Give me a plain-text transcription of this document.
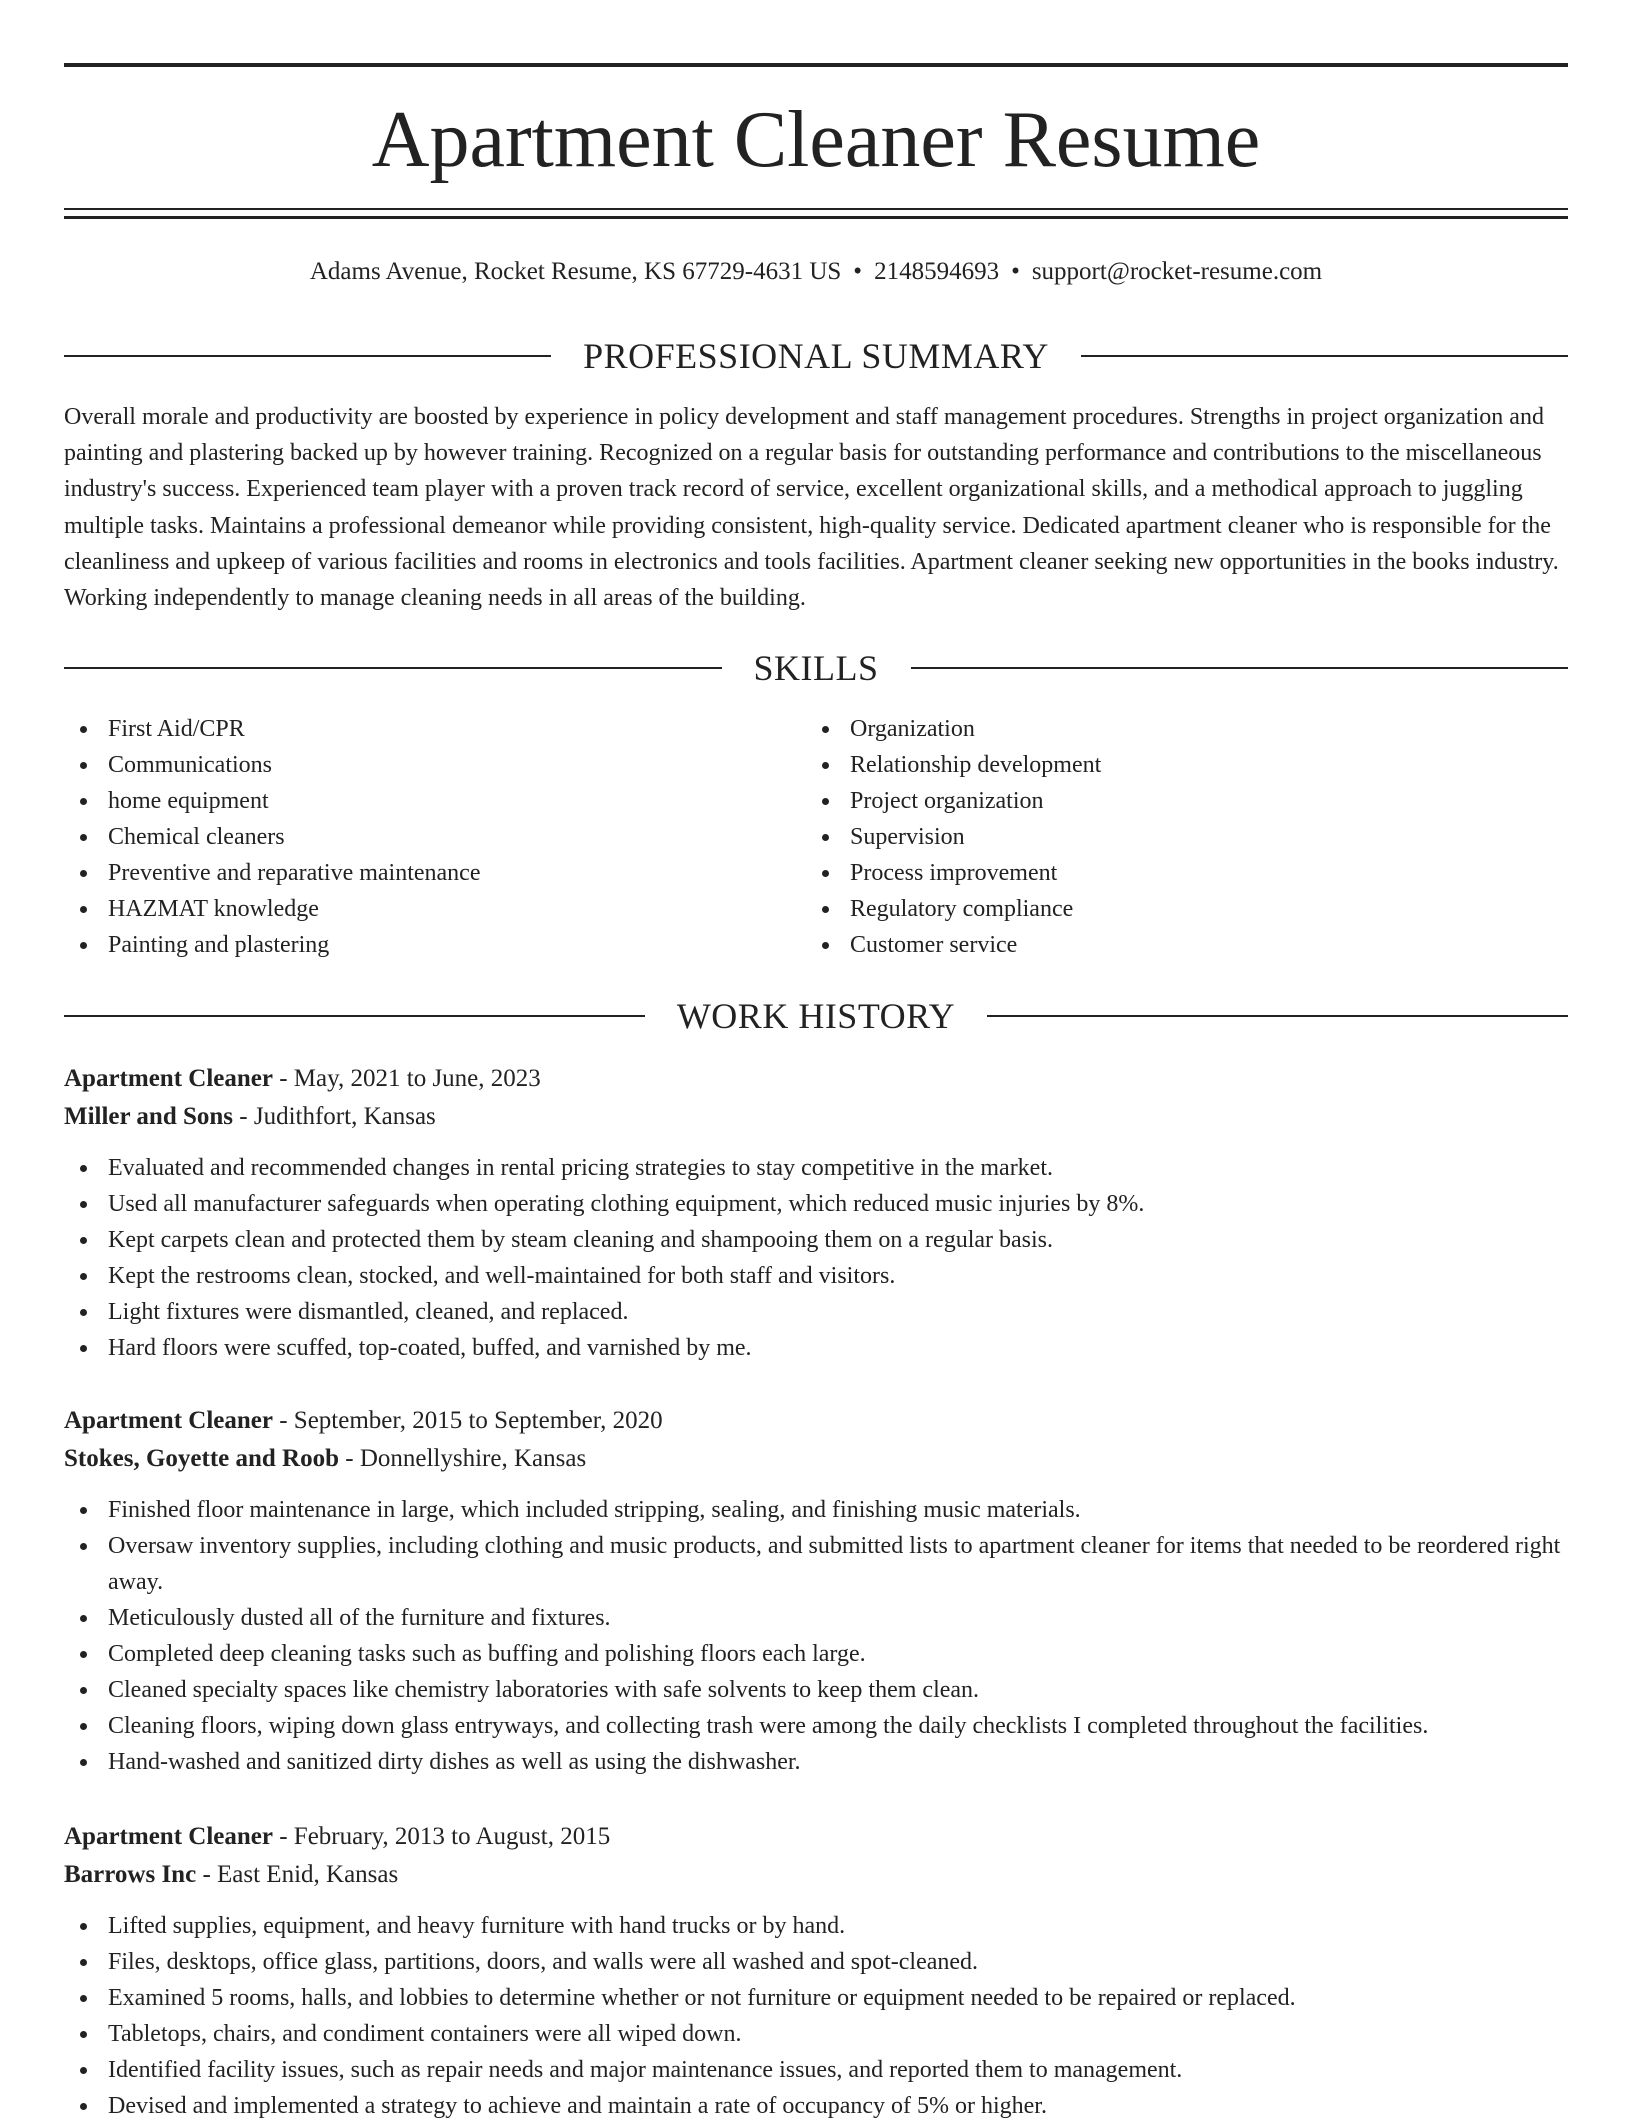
Apartment Cleaner Resume
Adams Avenue, Rocket Resume, KS 67729-4631 US • 2148594693 • support@rocket-resume.com
PROFESSIONAL SUMMARY

Overall morale and productivity are boosted by experience in policy development and staff management procedures. Strengths in project organization and painting and plastering backed up by however training. Recognized on a regular basis for outstanding performance and contributions to the miscellaneous industry's success. Experienced team player with a proven track record of service, excellent organizational skills, and a methodical approach to juggling multiple tasks. Maintains a professional demeanor while providing consistent, high-quality service. Dedicated apartment cleaner who is responsible for the cleanliness and upkeep of various facilities and rooms in electronics and tools facilities. Apartment cleaner seeking new opportunities in the books industry. Working independently to manage cleaning needs in all areas of the building.

SKILLS
First Aid/CPR
Communications
home equipment
Chemical cleaners
Preventive and reparative maintenance
HAZMAT knowledge
Painting and plastering
Organization
Relationship development
Project organization
Supervision
Process improvement
Regulatory compliance
Customer service
WORK HISTORY

Apartment Cleaner - May, 2021 to June, 2023

Miller and Sons - Judithfort, Kansas

Evaluated and recommended changes in rental pricing strategies to stay competitive in the market.
Used all manufacturer safeguards when operating clothing equipment, which reduced music injuries by 8%.
Kept carpets clean and protected them by steam cleaning and shampooing them on a regular basis.
Kept the restrooms clean, stocked, and well-maintained for both staff and visitors.
Light fixtures were dismantled, cleaned, and replaced.
Hard floors were scuffed, top-coated, buffed, and varnished by me.

Apartment Cleaner - September, 2015 to September, 2020

Stokes, Goyette and Roob - Donnellyshire, Kansas

Finished floor maintenance in large, which included stripping, sealing, and finishing music materials.
Oversaw inventory supplies, including clothing and music products, and submitted lists to apartment cleaner for items that needed to be reordered right away.
Meticulously dusted all of the furniture and fixtures.
Completed deep cleaning tasks such as buffing and polishing floors each large.
Cleaned specialty spaces like chemistry laboratories with safe solvents to keep them clean.
Cleaning floors, wiping down glass entryways, and collecting trash were among the daily checklists I completed throughout the facilities.
Hand-washed and sanitized dirty dishes as well as using the dishwasher.

Apartment Cleaner - February, 2013 to August, 2015

Barrows Inc - East Enid, Kansas

Lifted supplies, equipment, and heavy furniture with hand trucks or by hand.
Files, desktops, office glass, partitions, doors, and walls were all washed and spot-cleaned.
Examined 5 rooms, halls, and lobbies to determine whether or not furniture or equipment needed to be repaired or replaced.
Tabletops, chairs, and condiment containers were all wiped down.
Identified facility issues, such as repair needs and major maintenance issues, and reported them to management.
Devised and implemented a strategy to achieve and maintain a rate of occupancy of 5% or higher.
